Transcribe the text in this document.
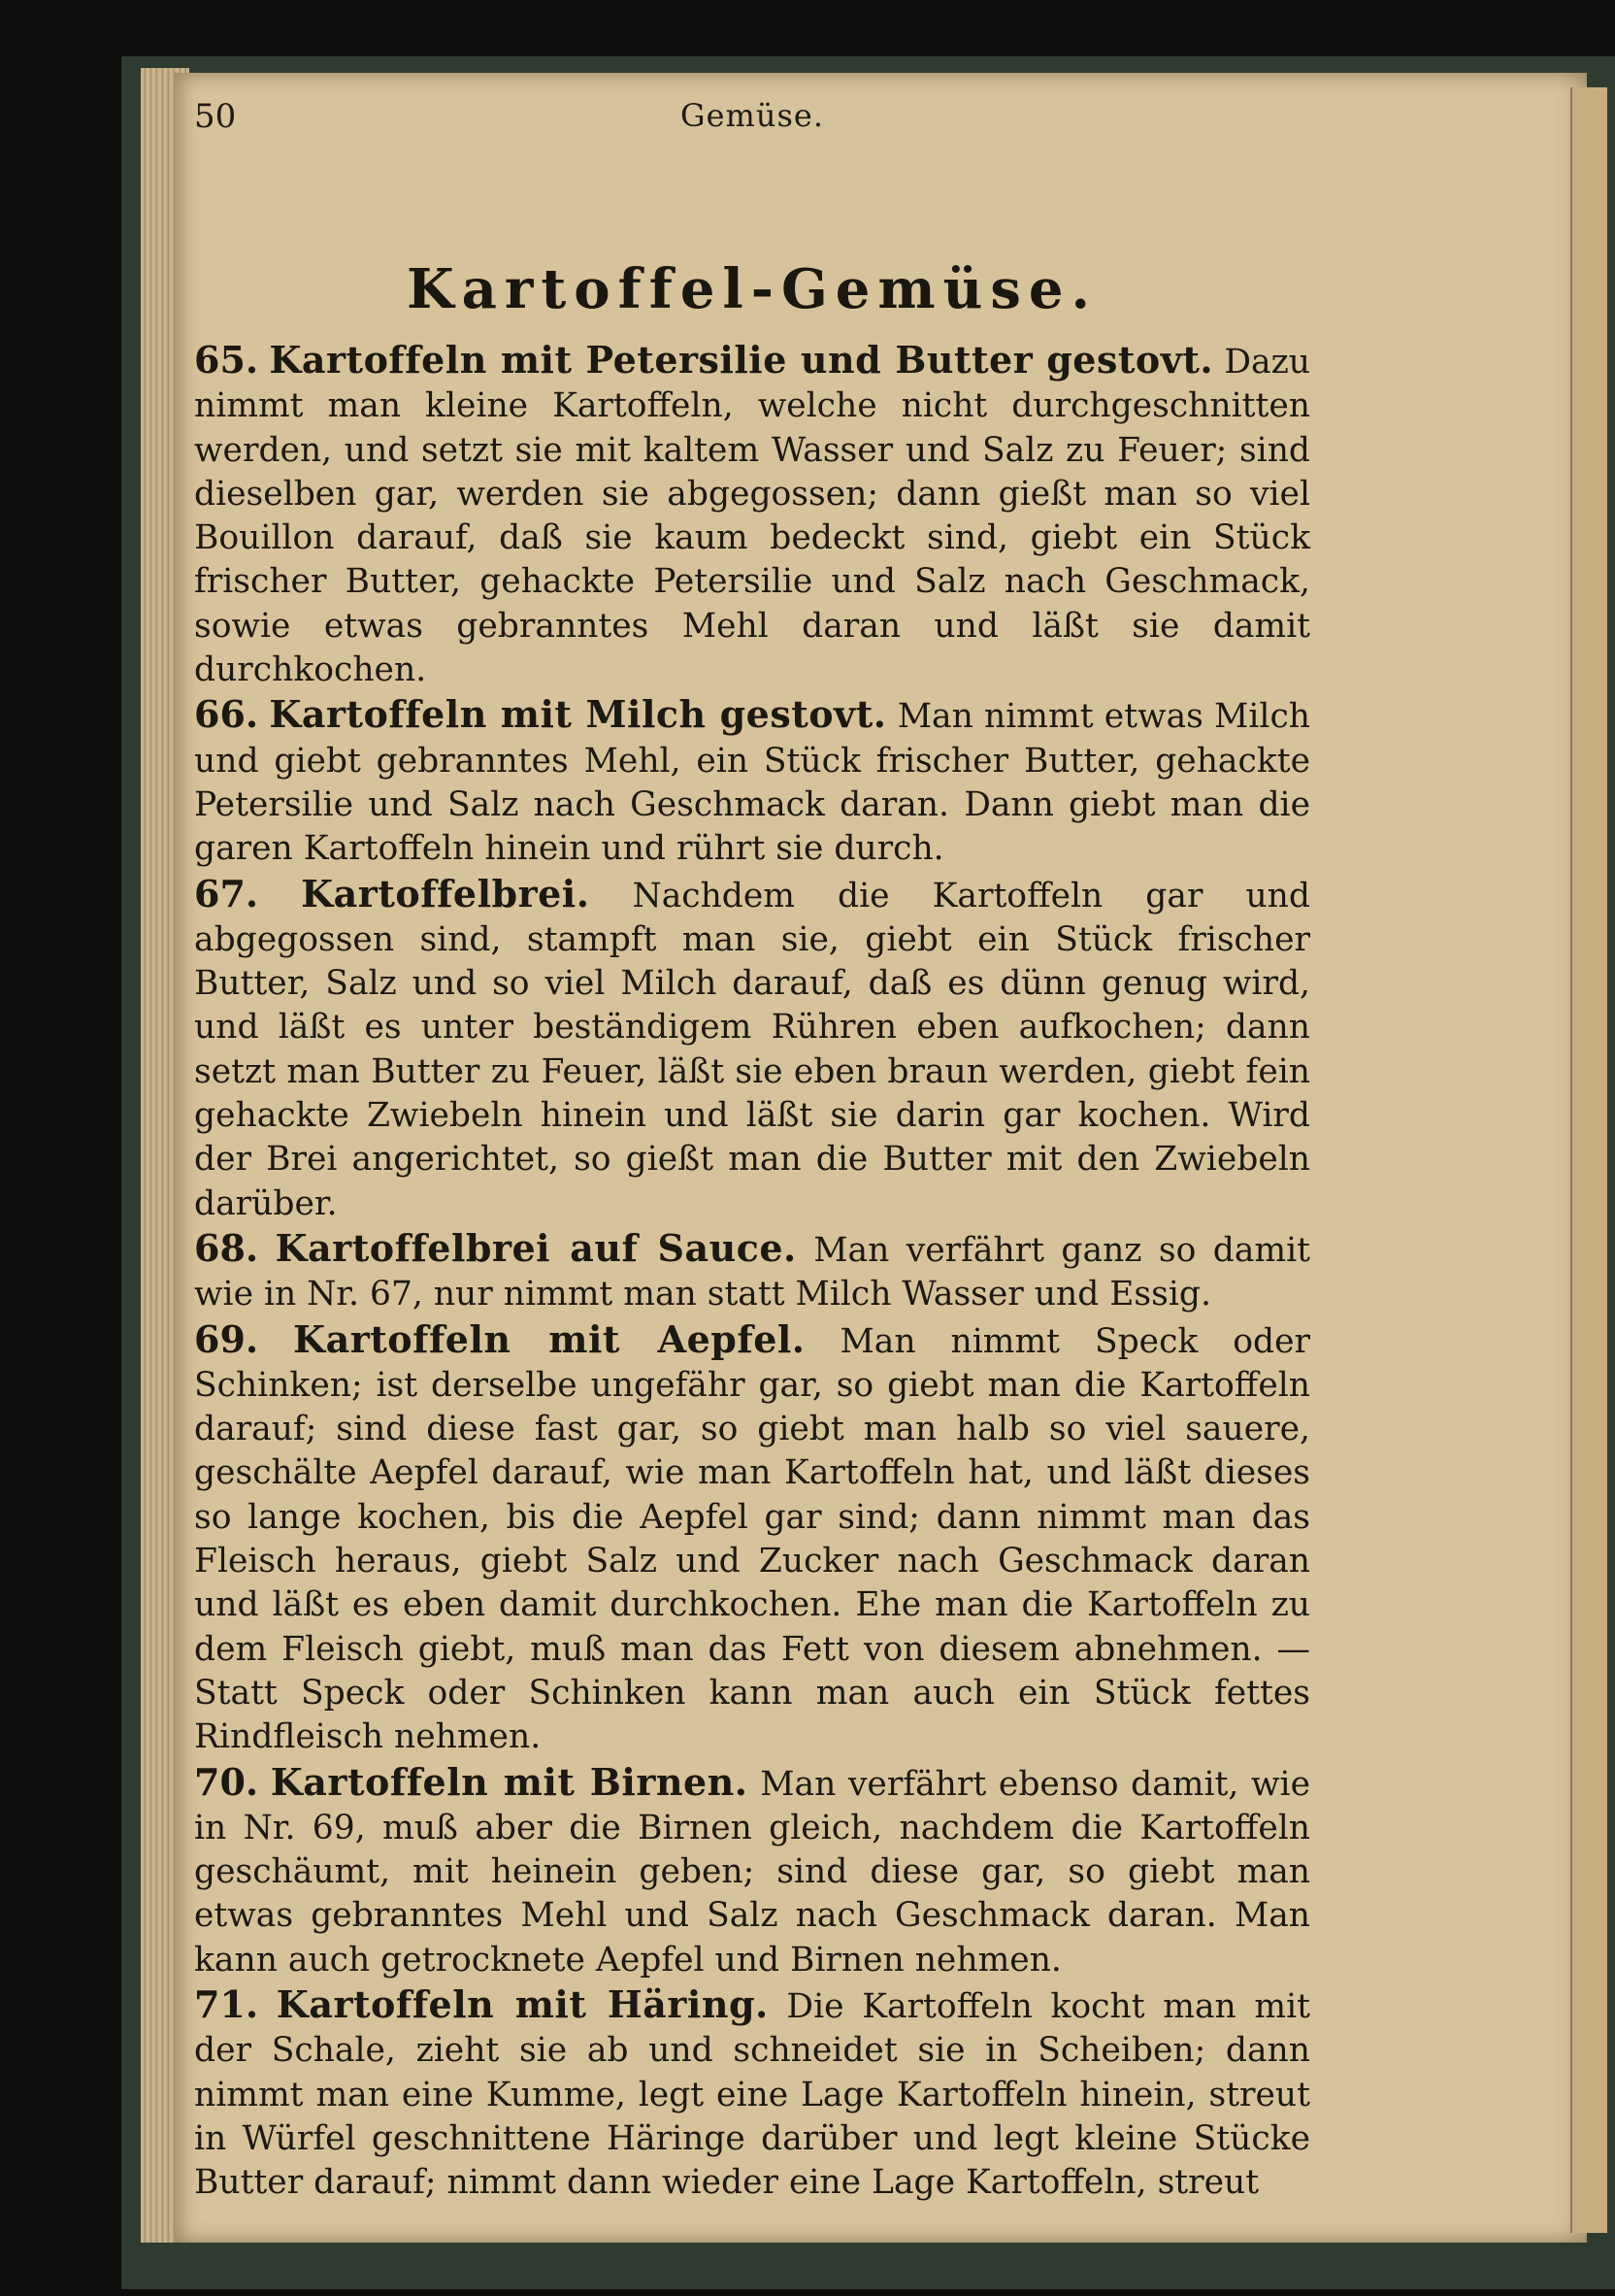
50	Gemüse.
Kartoffel-Gemüse.

65. Kartoffeln mit Petersilie und Butter gestovt. Dazu nimmt man kleine Kartoffeln, welche nicht durchgeschnitten werden, und setzt sie mit kaltem Wasser und Salz zu Feuer; sind dieselben gar, werden sie abgegossen; dann gießt man so viel Bouillon darauf, daß sie kaum bedeckt sind, giebt ein Stück frischer Butter, gehackte Petersilie und Salz nach Geschmack, sowie etwas gebranntes Mehl daran und läßt sie damit durchkochen.

66. Kartoffeln mit Milch gestovt. Man nimmt etwas Milch und giebt gebranntes Mehl, ein Stück frischer Butter, gehackte Petersilie und Salz nach Geschmack daran. Dann giebt man die garen Kartoffeln hinein und rührt sie durch.

67. Kartoffelbrei. Nachdem die Kartoffeln gar und abgegossen sind, stampft man sie, giebt ein Stück frischer Butter, Salz und so viel Milch darauf, daß es dünn genug wird, und läßt es unter beständigem Rühren eben aufkochen; dann setzt man Butter zu Feuer, läßt sie eben braun werden, giebt fein gehackte Zwiebeln hinein und läßt sie darin gar kochen. Wird der Brei angerichtet, so gießt man die Butter mit den Zwiebeln darüber.

68. Kartoffelbrei auf Sauce. Man verfährt ganz so damit wie in Nr. 67, nur nimmt man statt Milch Wasser und Essig.

69. Kartoffeln mit Aepfel. Man nimmt Speck oder Schinken; ist derselbe ungefähr gar, so giebt man die Kartoffeln darauf; sind diese fast gar, so giebt man halb so viel sauere, geschälte Aepfel darauf, wie man Kartoffeln hat, und läßt dieses so lange kochen, bis die Aepfel gar sind; dann nimmt man das Fleisch heraus, giebt Salz und Zucker nach Geschmack daran und läßt es eben damit durchkochen. Ehe man die Kartoffeln zu dem Fleisch giebt, muß man das Fett von diesem abnehmen. — Statt Speck oder Schinken kann man auch ein Stück fettes Rindfleisch nehmen.

70. Kartoffeln mit Birnen. Man verfährt ebenso damit, wie in Nr. 69, muß aber die Birnen gleich, nachdem die Kartoffeln geschäumt, mit heinein geben; sind diese gar, so giebt man etwas gebranntes Mehl und Salz nach Geschmack daran. Man kann auch getrocknete Aepfel und Birnen nehmen.

71. Kartoffeln mit Häring. Die Kartoffeln kocht man mit der Schale, zieht sie ab und schneidet sie in Scheiben; dann nimmt man eine Kumme, legt eine Lage Kartoffeln hinein, streut in Würfel geschnittene Häringe darüber und legt kleine Stücke Butter darauf; nimmt dann wieder eine Lage Kartoffeln, streut
